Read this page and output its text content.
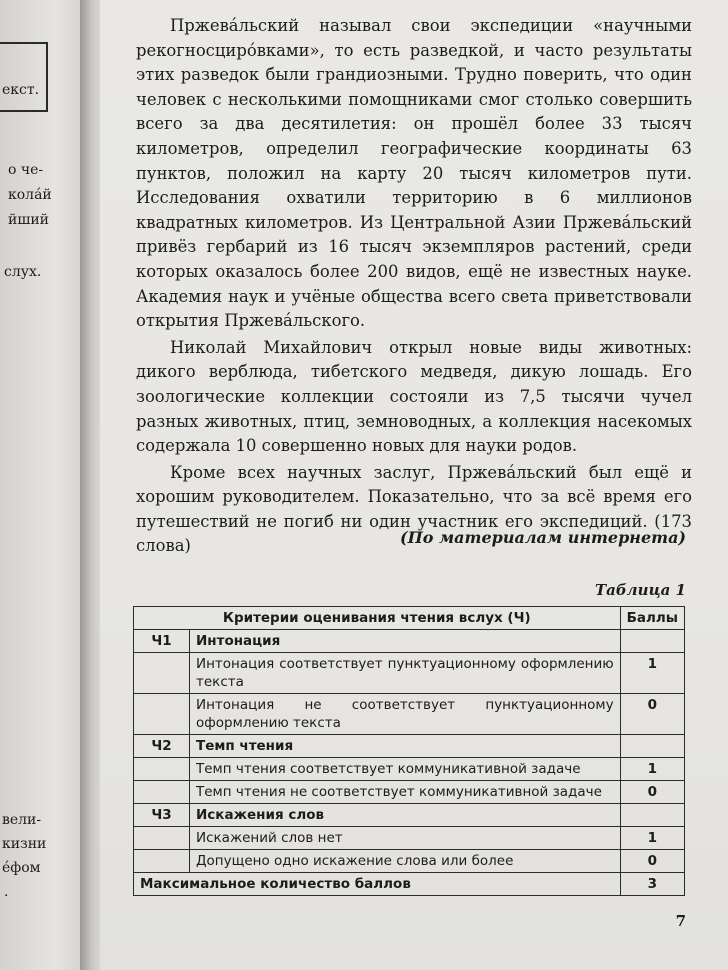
екст.
о че-
колáй
йший
слух.
вели-
кизни
éфом
.

Пржевáльский называл свои экспедиции «научными рекогносциро́вками», то есть разведкой, и часто результаты этих разведок были грандиозными. Трудно поверить, что один человек с несколькими помощниками смог столько совершить всего за два десятилетия: он прошёл более 33 тысяч километров, определил географические координаты 63 пунктов, положил на карту 20 тысяч километров пути. Исследования охватили территорию в 6 миллионов квадратных километров. Из Центральной Азии Пржевáльский привёз гербарий из 16 тысяч экземпляров растений, среди которых оказалось более 200 видов, ещё не известных науке. Академия наук и учёные общества всего света приветствовали открытия Пржевáльского.

Николай Михайлович открыл новые виды животных: дикого верблюда, тибетского медведя, дикую лошадь. Его зоологические коллекции состояли из 7,5 тысячи чучел разных животных, птиц, земноводных, а коллекция насекомых содержала 10 совершенно новых для науки родов.

Кроме всех научных заслуг, Пржевáльский был ещё и хорошим руководителем. Показательно, что за всё время его путешествий не погиб ни один участник его экспедиций. (173 слова)	(По материалам интернета)
Таблица 1
Критерии оценивания чтения вслух (Ч)		Баллы
Ч1	Интонация	
	Интонация соответствует пунктуационному оформлению текста	1
	Интонация не соответствует пунктуационному оформлению текста	0
Ч2	Темп чтения	
	Темп чтения соответствует коммуникативной задаче	1
	Темп чтения не соответствует коммуникативной задаче	0
Ч3	Искажения слов	
	Искажений слов нет	1
	Допущено одно искажение слова или более	0
Максимальное количество баллов		3
7
